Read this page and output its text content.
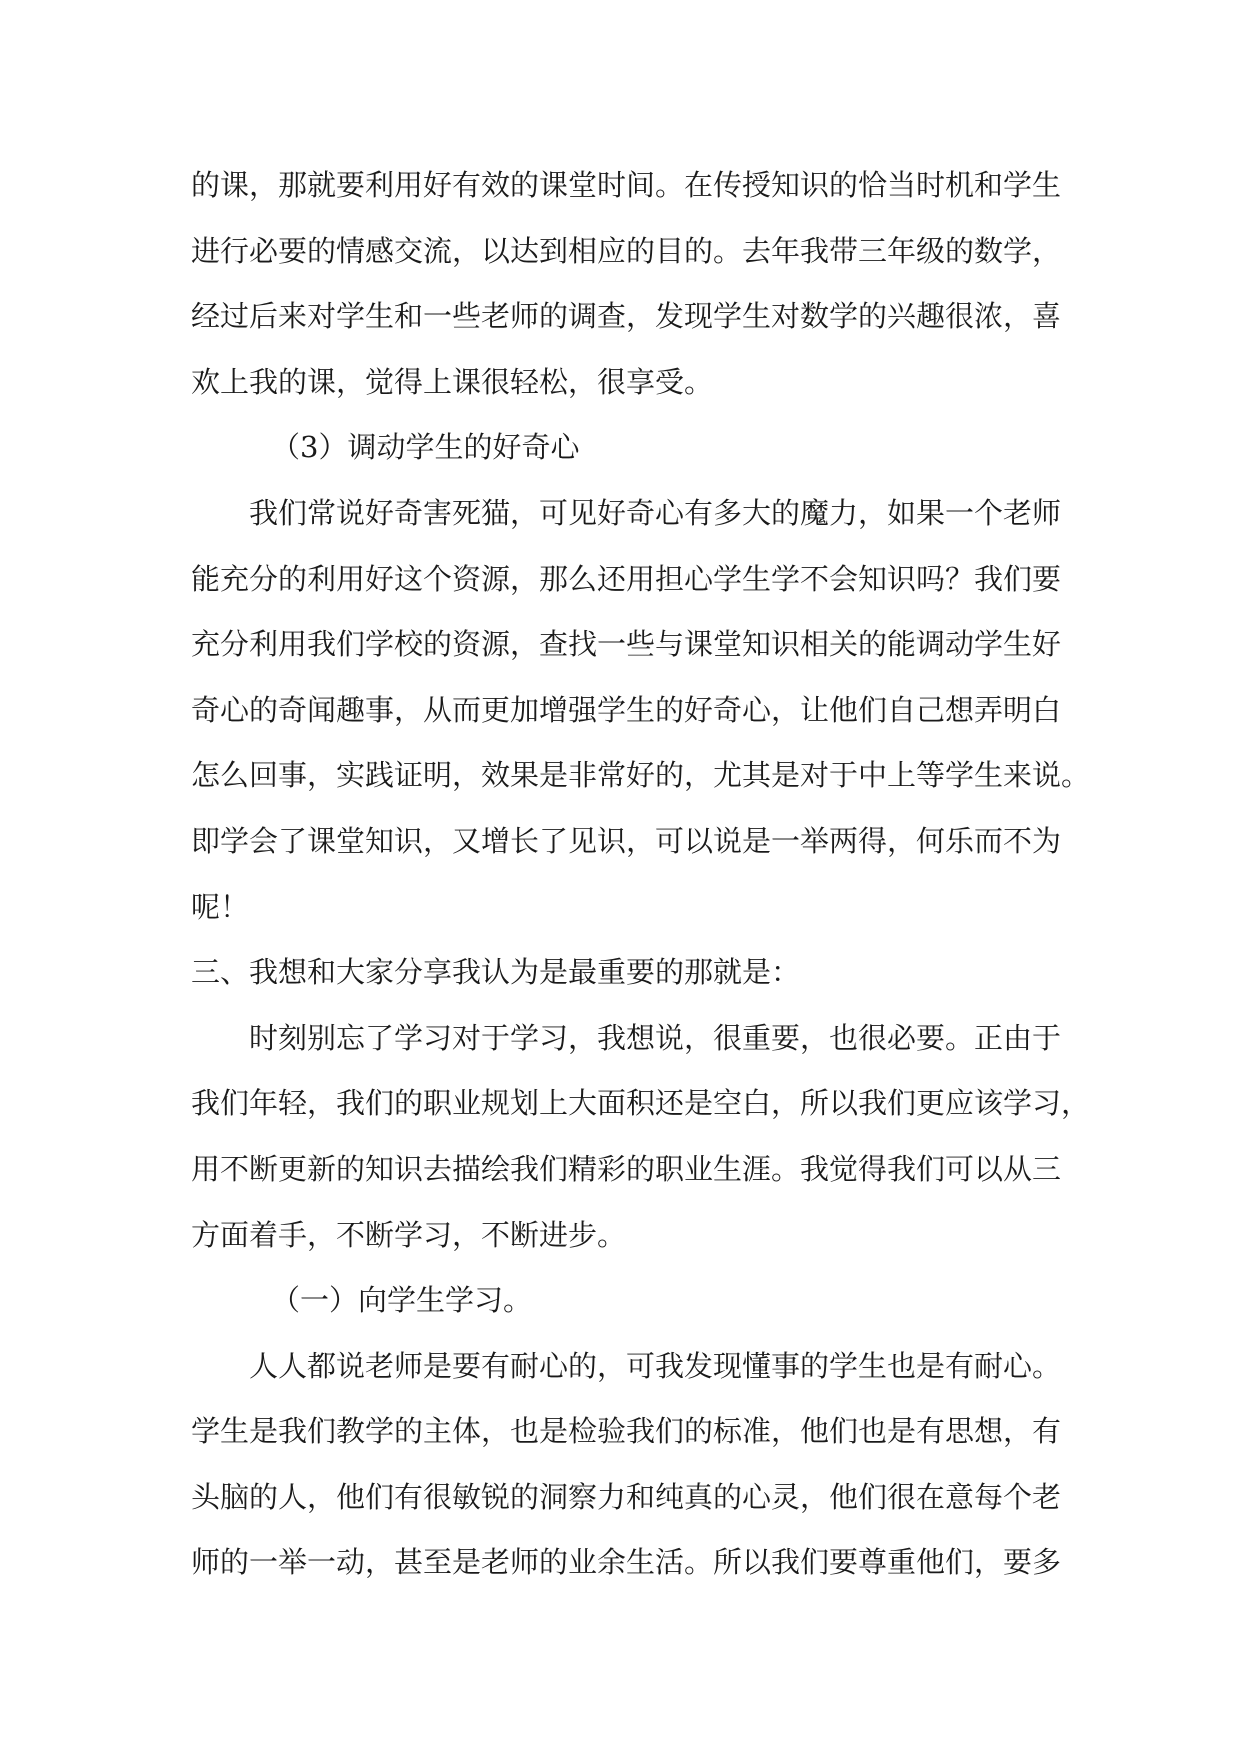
的课，那就要利用好有效的课堂时间。在传授知识的恰当时机和学生
进行必要的情感交流，以达到相应的目的。去年我带三年级的数学，
经过后来对学生和一些老师的调查，发现学生对数学的兴趣很浓，喜
欢上我的课，觉得上课很轻松，很享受。
（3）调动学生的好奇心
我们常说好奇害死猫，可见好奇心有多大的魔力，如果一个老师
能充分的利用好这个资源，那么还用担心学生学不会知识吗？我们要
充分利用我们学校的资源，查找一些与课堂知识相关的能调动学生好
奇心的奇闻趣事，从而更加增强学生的好奇心，让他们自己想弄明白
怎么回事，实践证明，效果是非常好的，尤其是对于中上等学生来说。
即学会了课堂知识，又增长了见识，可以说是一举两得，何乐而不为
呢！
三、我想和大家分享我认为是最重要的那就是：
时刻别忘了学习对于学习，我想说，很重要，也很必要。正由于
我们年轻，我们的职业规划上大面积还是空白，所以我们更应该学习，
用不断更新的知识去描绘我们精彩的职业生涯。我觉得我们可以从三
方面着手，不断学习，不断进步。
（一）向学生学习。
人人都说老师是要有耐心的，可我发现懂事的学生也是有耐心。
学生是我们教学的主体，也是检验我们的标准，他们也是有思想，有
头脑的人，他们有很敏锐的洞察力和纯真的心灵，他们很在意每个老
师的一举一动，甚至是老师的业余生活。所以我们要尊重他们，要多
